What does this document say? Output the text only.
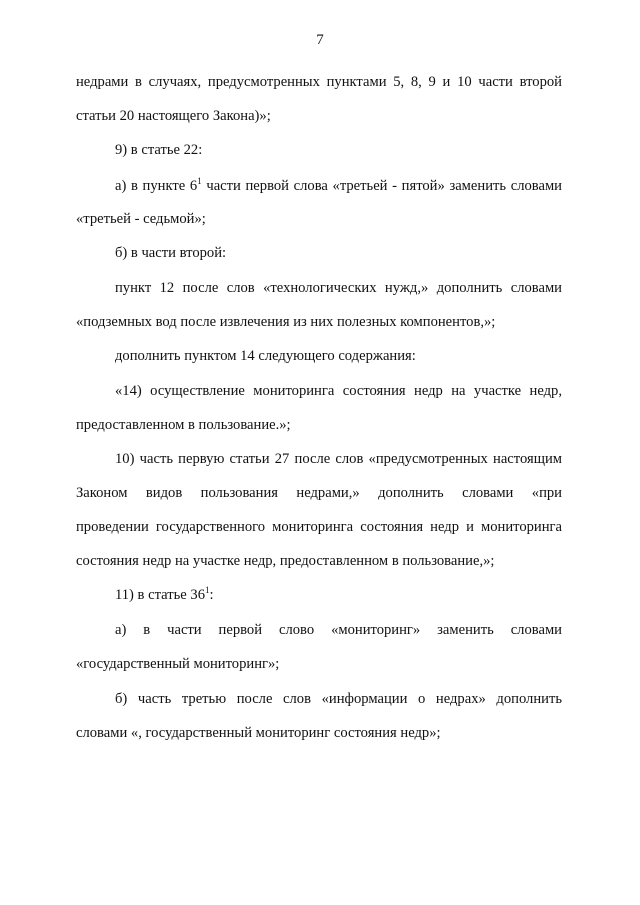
7
недрами в случаях, предусмотренных пунктами 5, 8, 9 и 10 части второй
статьи 20 настоящего Закона)»;
9) в статье 22:
а) в пункте $6^1$ части первой слова «третьей - пятой» заменить словами
«третьей - седьмой»;
б) в части второй:
пункт 12 после слов «технологических нужд,» дополнить словами
«подземных вод после извлечения из них полезных компонентов,»;
дополнить пунктом 14 следующего содержания:
«14) осуществление мониторинга состояния недр на участке недр,
предоставленном в пользование.»;
10) часть первую статьи 27 после слов «предусмотренных настоящим
Законом видов пользования недрами,» дополнить словами «при
проведении государственного мониторинга состояния недр и мониторинга
состояния недр на участке недр, предоставленном в пользование,»;
11) в статье $36^1$:
а) в части первой слово «мониторинг» заменить словами
«государственный мониторинг»;
б) часть третью после слов «информации о недрах» дополнить
словами «, государственный мониторинг состояния недр»;
